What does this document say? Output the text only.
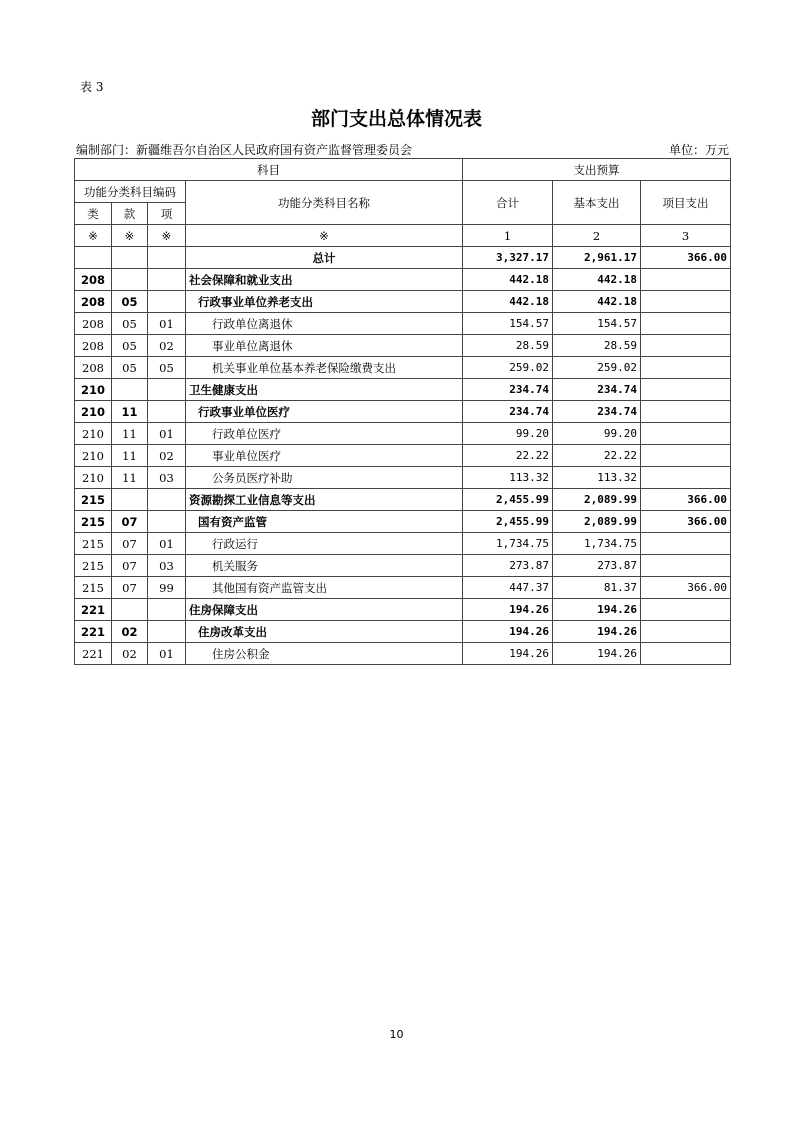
表 3
部门支出总体情况表
编制部门：新疆维吾尔自治区人民政府国有资产监督管理委员会	单位：万元
科目				支出预算		
功能分类科目编码			功能分类科目名称	合计	基本支出	项目支出
类	款	项				
※	※	※	※	1	2	3
			总计	3,327.17	2,961.17	366.00
208			社会保障和就业支出	442.18	442.18	
208	05		行政事业单位养老支出	442.18	442.18	
208	05	01	行政单位离退休	154.57	154.57	
208	05	02	事业单位离退休	28.59	28.59	
208	05	05	机关事业单位基本养老保险缴费支出	259.02	259.02	
210			卫生健康支出	234.74	234.74	
210	11		行政事业单位医疗	234.74	234.74	
210	11	01	行政单位医疗	99.20	99.20	
210	11	02	事业单位医疗	22.22	22.22	
210	11	03	公务员医疗补助	113.32	113.32	
215			资源勘探工业信息等支出	2,455.99	2,089.99	366.00
215	07		国有资产监管	2,455.99	2,089.99	366.00
215	07	01	行政运行	1,734.75	1,734.75	
215	07	03	机关服务	273.87	273.87	
215	07	99	其他国有资产监管支出	447.37	81.37	366.00
221			住房保障支出	194.26	194.26	
221	02		住房改革支出	194.26	194.26	
221	02	01	住房公积金	194.26	194.26	
10
